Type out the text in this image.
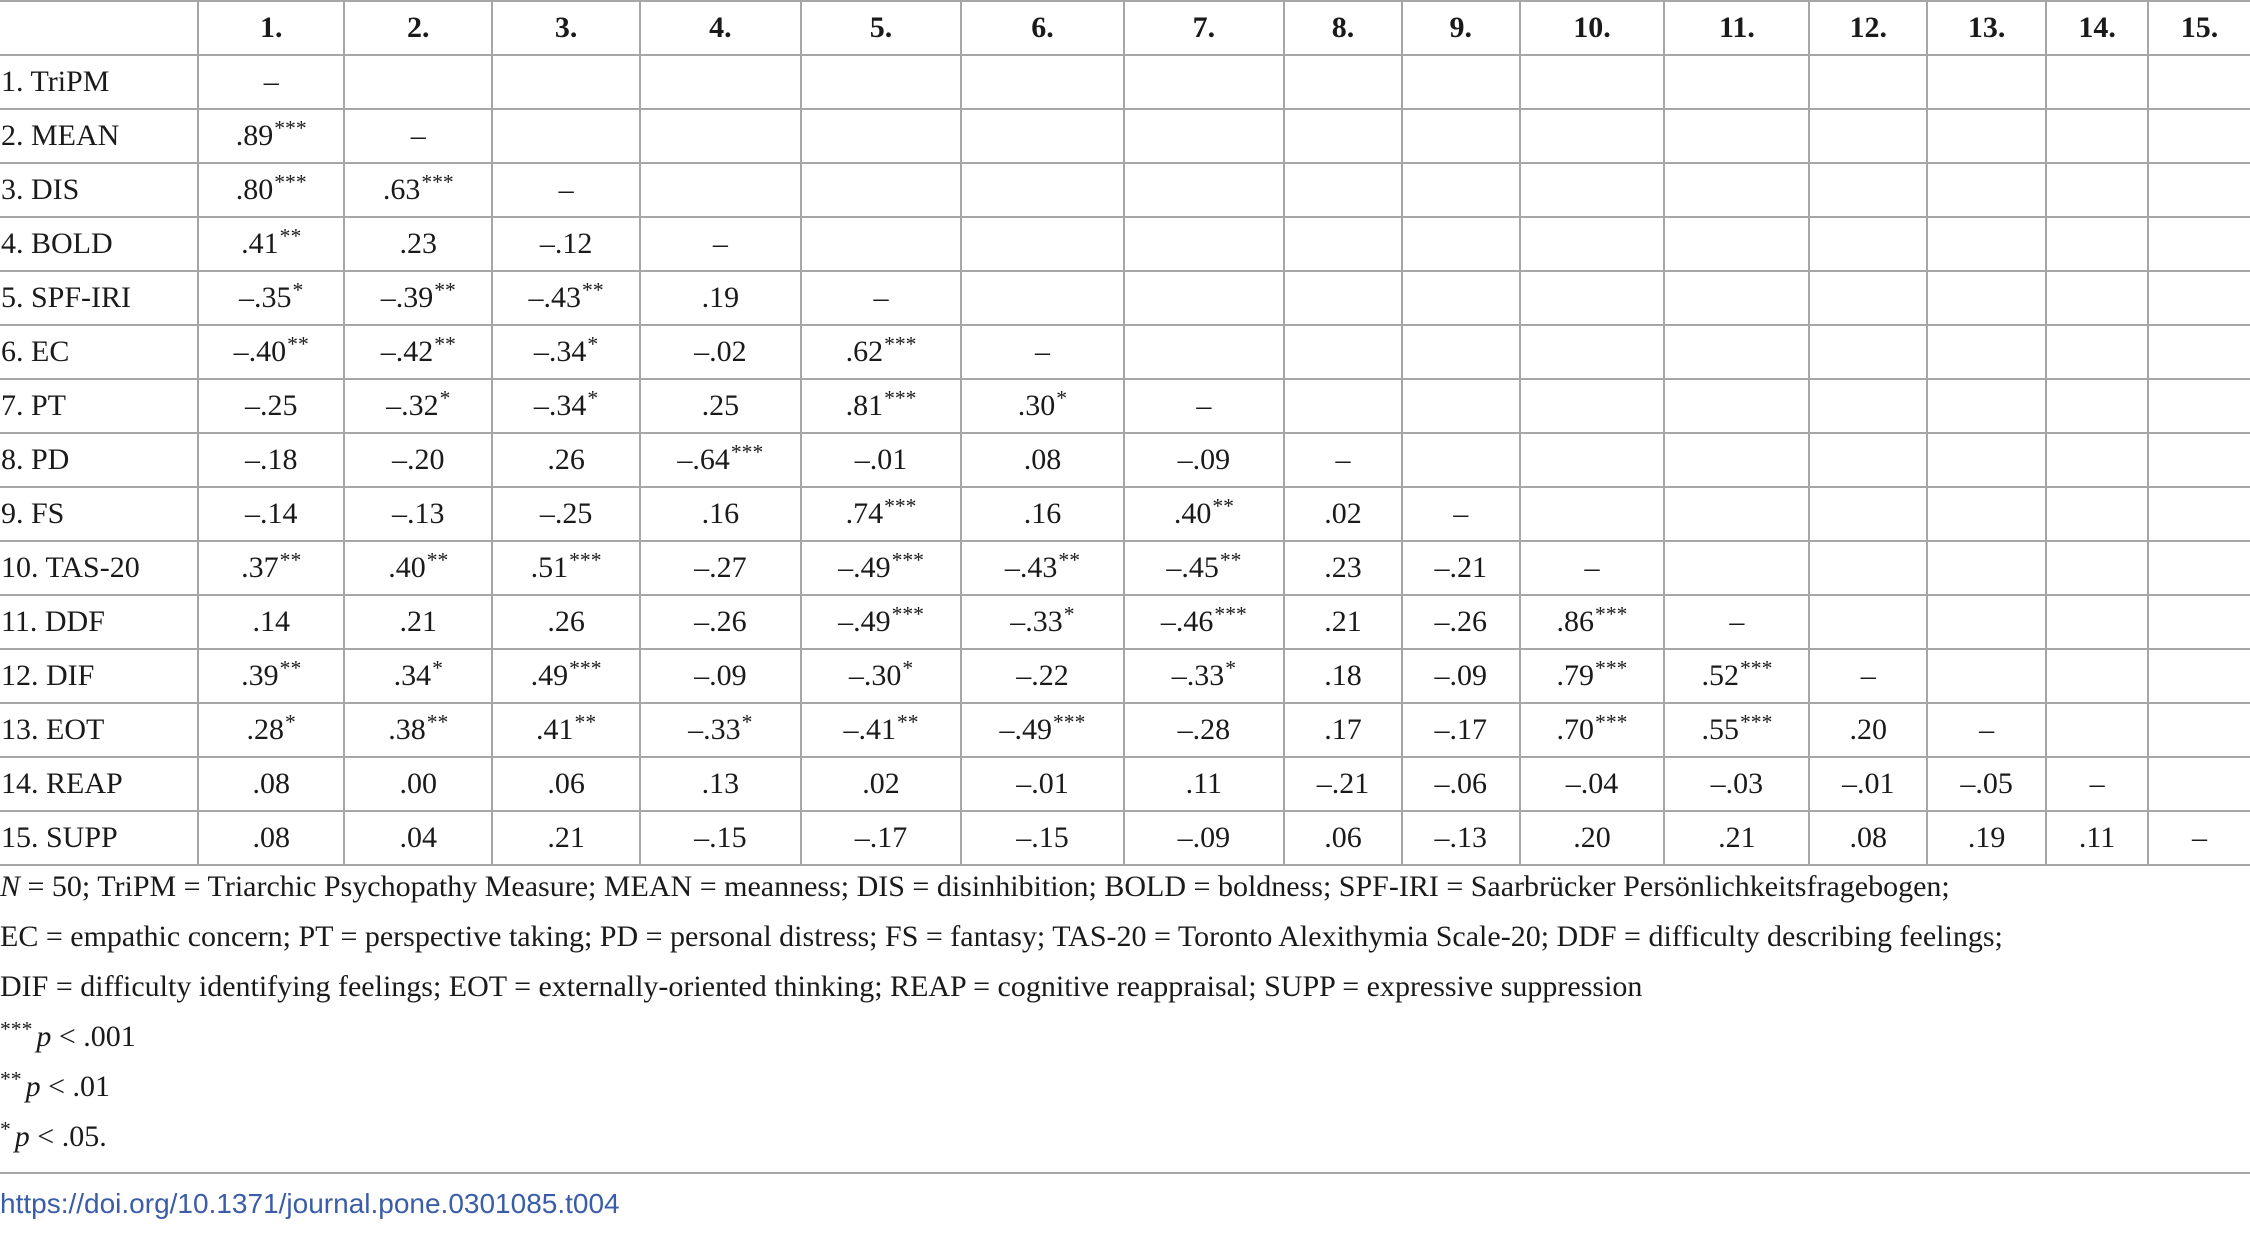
	1.	2.	3.	4.	5.	6.	7.	8.	9.	10.	11.	12.	13.	14.	15.
1. TriPM	–														
2. MEAN	.89***	–													
3. DIS	.80***	.63***	–												
4. BOLD	.41**	.23	–.12	–											
5. SPF-IRI	–.35*	–.39**	–.43**	.19	–										
6. EC	–.40**	–.42**	–.34*	–.02	.62***	–									
7. PT	–.25	–.32*	–.34*	.25	.81***	.30*	–								
8. PD	–.18	–.20	.26	–.64***	–.01	.08	–.09	–							
9. FS	–.14	–.13	–.25	.16	.74***	.16	.40**	.02	–						
10. TAS-20	.37**	.40**	.51***	–.27	–.49***	–.43**	–.45**	.23	–.21	–					
11. DDF	.14	.21	.26	–.26	–.49***	–.33*	–.46***	.21	–.26	.86***	–				
12. DIF	.39**	.34*	.49***	–.09	–.30*	–.22	–.33*	.18	–.09	.79***	.52***	–			
13. EOT	.28*	.38**	.41**	–.33*	–.41**	–.49***	–.28	.17	–.17	.70***	.55***	.20	–		
14. REAP	.08	.00	.06	.13	.02	–.01	.11	–.21	–.06	–.04	–.03	–.01	–.05	–	
15. SUPP	.08	.04	.21	–.15	–.17	–.15	–.09	.06	–.13	.20	.21	.08	.19	.11	–

N = 50; TriPM = Triarchic Psychopathy Measure; MEAN = meanness; DIS = disinhibition; BOLD = boldness; SPF-IRI = Saarbrücker Persönlichkeitsfragebogen;

EC = empathic concern; PT = perspective taking; PD = personal distress; FS = fantasy; TAS-20 = Toronto Alexithymia Scale-20; DDF = difficulty describing feelings;

DIF = difficulty identifying feelings; EOT = externally-oriented thinking; REAP = cognitive reappraisal; SUPP = expressive suppression

*** p < .001

** p < .01

* p < .05.

https://doi.org/10.1371/journal.pone.0301085.t004
